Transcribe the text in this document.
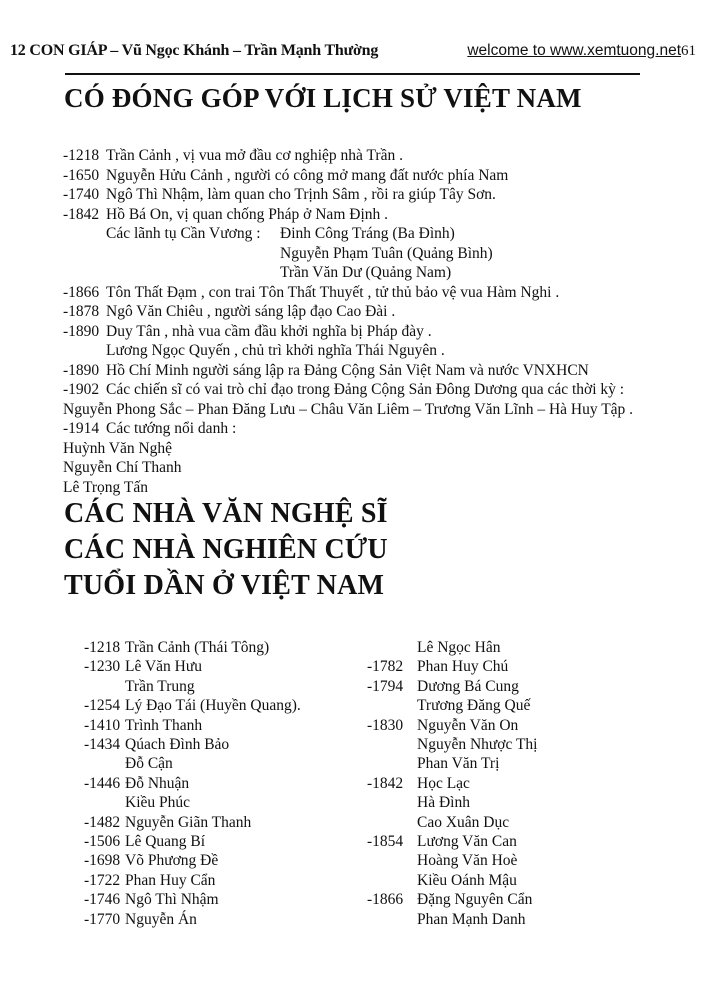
12 CON GIÁP – Vũ Ngọc Khánh – Trần Mạnh Thường	welcome to www.xemtuong.net61
CÓ ĐÓNG GÓP VỚI LỊCH SỬ VIỆT NAM
-1218 Trần Cảnh , vị vua mở đầu cơ nghiệp nhà Trần .
-1650 Nguyễn Hửu Cảnh , người có công mở mang đất nước phía Nam
-1740 Ngô Thì Nhậm, làm quan cho Trịnh Sâm , rồi ra giúp Tây Sơn.
-1842 Hồ Bá On, vị quan chống Pháp ở Nam Định .
Các lãnh tụ Cần Vương :	Đinh Công Tráng (Ba Đình)
Nguyễn Phạm Tuân (Quảng Bình)
Trần Văn Dư (Quảng Nam)
-1866 Tôn Thất Đạm , con trai Tôn Thất Thuyết , tử thủ bảo vệ vua Hàm Nghi .
-1878 Ngô Văn Chiêu , người sáng lập đạo Cao Đài .
-1890 Duy Tân , nhà vua cầm đầu khởi nghĩa bị Pháp đày .
Lương Ngọc Quyến , chủ trì khởi nghĩa Thái Nguyên .
-1890 Hồ Chí Minh người sáng lập ra Đảng Cộng Sản Việt Nam và nước VNXHCN
-1902 Các chiến sĩ có vai trò chỉ đạo trong Đảng Cộng Sản Đông Dương qua các thời kỳ :
Nguyễn Phong Sắc – Phan Đăng Lưu – Châu Văn Liêm – Trương Văn Lĩnh – Hà Huy Tập .
-1914 Các tướng nổi danh :
Huỳnh Văn Nghệ
Nguyễn Chí Thanh
Lê Trọng Tấn
CÁC NHÀ VĂN NGHỆ SĨ
CÁC NHÀ NGHIÊN CỨU
TUỔI DẦN Ở VIỆT NAM
-1218 Trần Cảnh (Thái Tông)	Lê Ngọc Hân
-1230 Lê Văn Hưu	-1782 Phan Huy Chú
Trần Trung	-1794 Dương Bá Cung
-1254 Lý Đạo Tái (Huyền Quang).	Trương Đăng Quế
-1410 Trình Thanh	-1830 Nguyễn Văn On
-1434 Qúach Đình Bảo	Nguyễn Nhược Thị
Đỗ Cận	Phan Văn Trị
-1446 Đỗ Nhuận	-1842 Học Lạc
Kiều Phúc	Hà Đình
-1482 Nguyễn Giãn Thanh	Cao Xuân Dục
-1506 Lê Quang Bí	-1854 Lương Văn Can
-1698 Võ Phương Đề	Hoàng Văn Hoè
-1722 Phan Huy Cẩn	Kiều Oánh Mậu
-1746 Ngô Thì Nhậm	-1866 Đặng Nguyên Cẩn
-1770 Nguyễn Án	Phan Mạnh Danh
